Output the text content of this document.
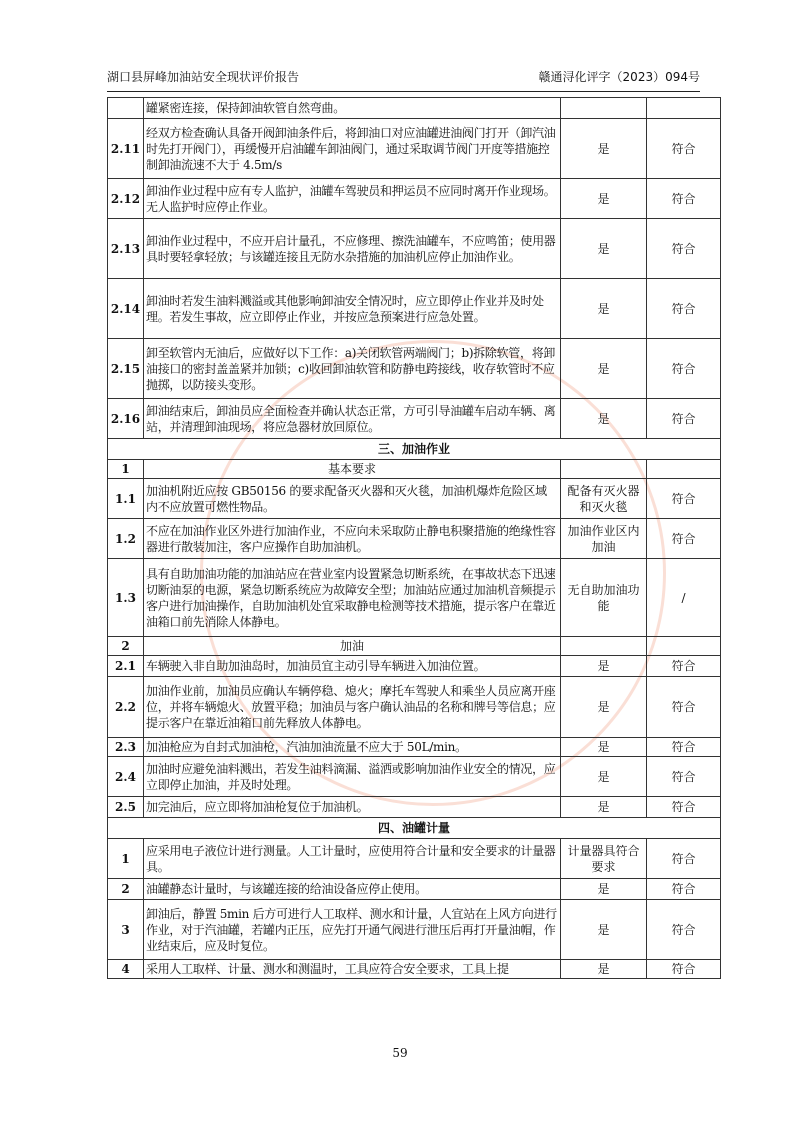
湖口县屏峰加油站安全现状评价报告	赣通浔化评字（2023）094号
	罐紧密连接，保持卸油软管自然弯曲。		
2.11	经双方检查确认具备开阀卸油条件后，将卸油口对应油罐进油阀门打开（卸汽油时先打开阀门），再缓慢开启油罐车卸油阀门，通过采取调节阀门开度等措施控制卸油流速不大于 4.5m/s	是	符合
2.12	卸油作业过程中应有专人监护，油罐车驾驶员和押运员不应同时离开作业现场。无人监护时应停止作业。	是	符合
2.13	卸油作业过程中，不应开启计量孔，不应修理、擦洗油罐车，不应鸣笛；使用器具时要轻拿轻放；与该罐连接且无防水杂措施的加油机应停止加油作业。	是	符合
2.14	卸油时若发生油料溅溢或其他影响卸油安全情况时，应立即停止作业并及时处理。若发生事故，应立即停止作业，并按应急预案进行应急处置。	是	符合
2.15	卸至软管内无油后，应做好以下工作：a)关闭软管两端阀门；b)拆除软管，将卸油接口的密封盖盖紧并加锁；c)收回卸油软管和防静电跨接线，收存软管时不应抛掷，以防接头变形。	是	符合
2.16	卸油结束后，卸油员应全面检查并确认状态正常，方可引导油罐车启动车辆、离站，并清理卸油现场，将应急器材放回原位。	是	符合
三、加油作业			
1	基本要求		
1.1	加油机附近应按 GB50156 的要求配备灭火器和灭火毯，加油机爆炸危险区域内不应放置可燃性物品。	配备有灭火器和灭火毯	符合
1.2	不应在加油作业区外进行加油作业，不应向未采取防止静电积聚措施的绝缘性容器进行散装加注，客户应操作自助加油机。	加油作业区内加油	符合
1.3	具有自助加油功能的加油站应在营业室内设置紧急切断系统，在事故状态下迅速切断油泵的电源，紧急切断系统应为故障安全型；加油站应通过加油机音频提示客户进行加油操作，自助加油机处宜采取静电检测等技术措施，提示客户在靠近油箱口前先消除人体静电。	无自助加油功能	/
2	加油		
2.1	车辆驶入非自助加油岛时，加油员宜主动引导车辆进入加油位置。	是	符合
2.2	加油作业前，加油员应确认车辆停稳、熄火；摩托车驾驶人和乘坐人员应离开座位，并将车辆熄火、放置平稳；加油员与客户确认油品的名称和牌号等信息；应提示客户在靠近油箱口前先释放人体静电。	是	符合
2.3	加油枪应为自封式加油枪，汽油加油流量不应大于 50L/min。	是	符合
2.4	加油时应避免油料溅出，若发生油料滴漏、溢洒或影响加油作业安全的情况，应立即停止加油，并及时处理。	是	符合
2.5	加完油后，应立即将加油枪复位于加油机。	是	符合
四、油罐计量			
1	应采用电子液位计进行测量。人工计量时，应使用符合计量和安全要求的计量器具。	计量器具符合要求	符合
2	油罐静态计量时，与该罐连接的给油设备应停止使用。	是	符合
3	卸油后，静置 5min 后方可进行人工取样、测水和计量，人宜站在上风方向进行作业，对于汽油罐，若罐内正压，应先打开通气阀进行泄压后再打开量油帽，作业结束后，应及时复位。	是	符合
4	采用人工取样、计量、测水和测温时，工具应符合安全要求，工具上提	是	符合
59
